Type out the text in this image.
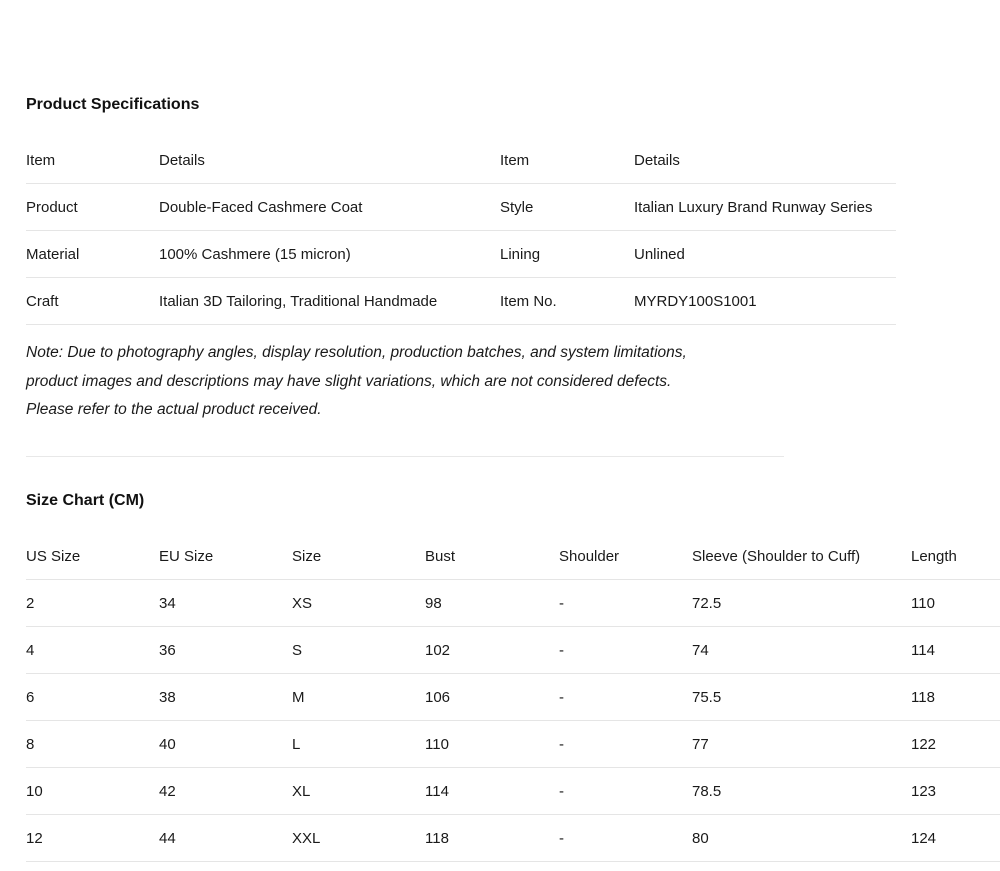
Product Specifications
Item	Details	Item	Details
Product	Double-Faced Cashmere Coat	Style	Italian Luxury Brand Runway Series
Material	100% Cashmere (15 micron)	Lining	Unlined
Craft	Italian 3D Tailoring, Traditional Handmade	Item No.	MYRDY100S1001
Note: Due to photography angles, display resolution, production batches, and system limitations,
product images and descriptions may have slight variations, which are not considered defects.
Please refer to the actual product received.
Size Chart (CM)
US Size	EU Size	Size	Bust	Shoulder	Sleeve (Shoulder to Cuff)	Length
2	34	XS	98	-	72.5	110
4	36	S	102	-	74	114
6	38	M	106	-	75.5	118
8	40	L	110	-	77	122
10	42	XL	114	-	78.5	123
12	44	XXL	118	-	80	124
